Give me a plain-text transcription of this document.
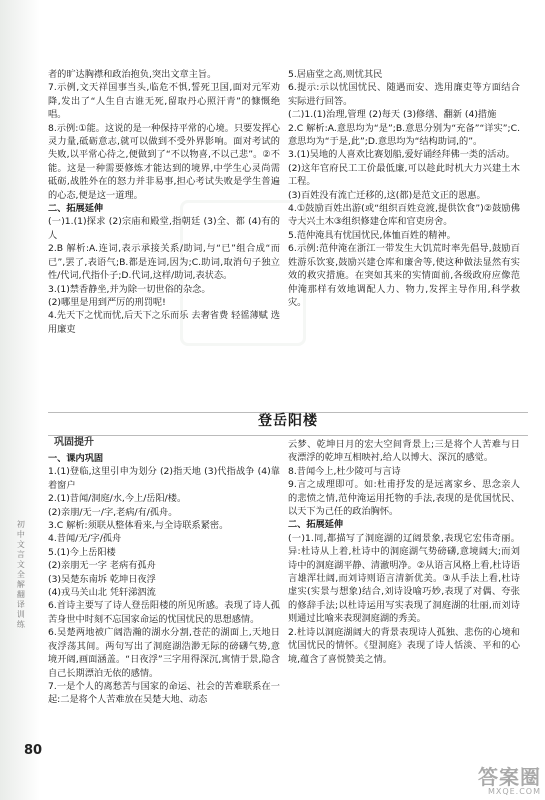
初中文言文全解翻译训练

者的旷达胸襟和政治抱负,突出文章主旨。

7.示例,文天祥国事当头,临危不惧,誓死卫国,面对元军劝降,发出了“人生自古谁无死,留取丹心照汗青”的慷慨绝唱。

8.示例:①能。这说的是一种保持平常的心境。只要发挥心灵力量,砥砺意志,就可以做到不受外界影响。面对考试的失败,以平常心待之,便做到了“不以物喜,不以己悲”。②不能。这是一种需要修炼才能达到的境界,中学生心灵尚需砥砺,战胜外在的怒力并非易事,担心考试失败是学生普遍的心态,便是这一道理。

二、拓展延伸

(一)1.(1)探求 (2)宗庙和殿堂,指朝廷 (3)全、都 (4)有的人

2.B 解析:A.连词,表示承接关系/助词,与“已”组合成“而已”,罢了,表语气;B.都是连词,因为;C.助词,取消句子独立性/代词,代指仆子;D.代词,这样/助词,表状态。

3.(1)禁香静坐,并为除一切世俗的杂念。

(2)哪里是用到严厉的刑罚呢!

4.先天下之忧而忧,后天下之乐而乐 去奢省费 轻徭薄赋 选用廉吏

5.居庙堂之高,则忧其民

6.提示:示以忧国忧民、随遇而安、选用廉吏等方面结合实际进行回答。

(二)1.(1)治理,管理 (2)每天 (3)修缮、翻新 (4)措施

2.C 解析:A.意思均为“是”;B.意思分别为“充备”“详实”;C.意思均为“于是,此”;D.意思均为“结构助词,的”。

3.(1)吴地的人喜欢比赛划船,爱好诵经拜佛一类的活动。

(2)这年官府民工工价最低廉,可以趁此时机大力兴建土木工程。

(3)百姓没有流亡迁移的,这(都)是范文正的恩惠。

4.①鼓励百姓出游(或“组织百姓竞渡,提供饮食”)②鼓励佛寺大兴土木③组织修建仓库和官吏房舍。

5.范仲淹具有忧国忧民,体恤百姓的精神。

6.示例:范仲淹在浙江一带发生大饥荒时率先倡导,鼓励百姓游乐饮宴,鼓励兴建仓库和廉舍等,使这种做法显然有实效的救灾措施。在突如其来的实情面前,各级政府应像范仲淹那样有效地调配人力、物力,发挥主导作用,科学救灾。

登岳阳楼
巩固提升

一、课内巩固

1.(1)登临,这里引申为划分 (2)指天地 (3)代指战争 (4)靠着窗户

2.(1)昔闻/洞庭/水,今上/岳阳/楼。

(2)亲朋/无一/字,老病/有/孤舟。

3.C 解析:须联从整体看来,与全诗联系紧密。

4.昔闻/无/字/孤舟

5.(1)今上岳阳楼

(2)亲朋无一字 老病有孤舟

(3)吴楚东南坼 乾坤日夜浮

(4)戎马关山北 凭轩涕泗流

6.首诗主要写了诗人登岳阳楼的所见所感。表现了诗人孤苦身世中时刻不忘国家命运的忧国忧民的思想感情。

6.吴楚两地被广阔浩瀚的湖水分割,苍茫的湖面上,天地日夜浮荡其间。两句写出了洞庭湖浩渺无际的磅礴气势,意境开阔,画面涵盖。“日夜浮”三字用得深沉,寓情于景,隐含自己长期漂泊无依的感情。

7.一是个人的离愁苦与国家的命运、社会的苦难联系在一起:二是将个人苦难放在吴楚大地、动态

云梦、乾坤日月的宏大空间背景上;三是将个人苦难与日夜漂浮的乾坤互相映衬,给人以博大、深沉的感觉。

8.昔闻今上,杜少陵可与言诗

9.言之成理即可。如:杜甫抒发的是远离家乡、思念亲人的悲愤之情,范仲淹运用托物的手法,表现的是优国忧民、以天下为己任的政治胸怀。

二、拓展延伸

(一)1.同,都描写了洞庭湖的辽阔景象,表现它宏伟奇丽。异:杜诗从上着,杜诗中的洞庭湖气势磅礴,意境阔大;而刘诗中的洞庭湖平静、清澈明净。②从语言风格上看,杜诗语言雄浑壮阔,而刘诗则语言清新优美。③从手法上看,杜诗虚实(实景与想象)结合,刘诗设喻巧妙,表现了对偶、夸张的修辞手法;以杜诗运用写实表现了洞庭湖的壮丽,而刘诗则通过比喻来表现洞庭湖的秀美。

2.杜诗以洞庭湖阔大的背景表现诗人孤独、悲伤的心境和忧国忧民的情怀。《望洞庭》表现了诗人恬淡、平和的心境,蕴含了喜悦赞美之情。

80
答案圈
MXQE.COM
